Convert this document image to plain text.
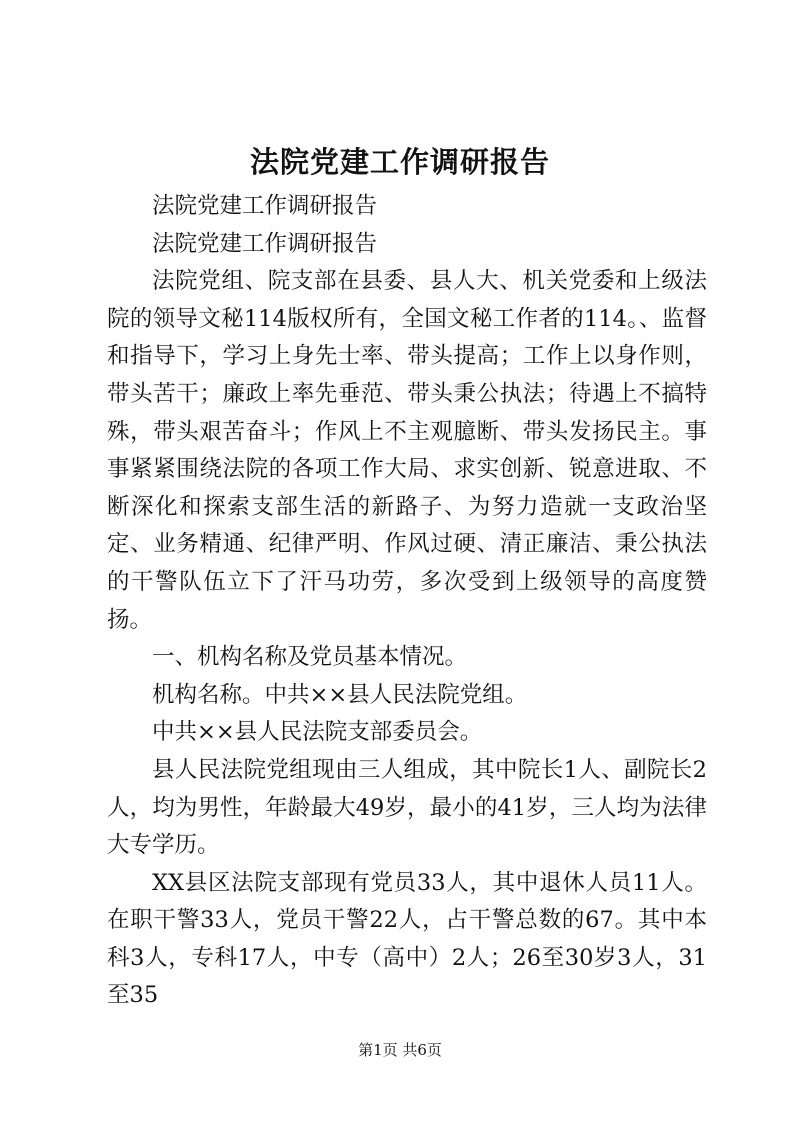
法院党建工作调研报告

法院党建工作调研报告

法院党建工作调研报告

法院党组、院支部在县委、县人大、机关党委和上级法院的领导文秘114版权所有，全国文秘工作者的114。、监督和指导下，学习上身先士率、带头提高；工作上以身作则，带头苦干；廉政上率先垂范、带头秉公执法；待遇上不搞特殊，带头艰苦奋斗；作风上不主观臆断、带头发扬民主。事事紧紧围绕法院的各项工作大局、求实创新、锐意进取、不断深化和探索支部生活的新路子、为努力造就一支政治坚定、业务精通、纪律严明、作风过硬、清正廉洁、秉公执法的干警队伍立下了汗马功劳，多次受到上级领导的高度赞扬。

一、机构名称及党员基本情况。

机构名称。中共××县人民法院党组。

中共××县人民法院支部委员会。

县人民法院党组现由三人组成，其中院长1人、副院长2人，均为男性，年龄最大49岁，最小的41岁，三人均为法律大专学历。

XX县区法院支部现有党员33人，其中退休人员11人。在职干警33人，党员干警22人，占干警总数的67。其中本科3人，专科17人，中专（高中）2人；26至30岁3人，31至35

第1页 共6页
